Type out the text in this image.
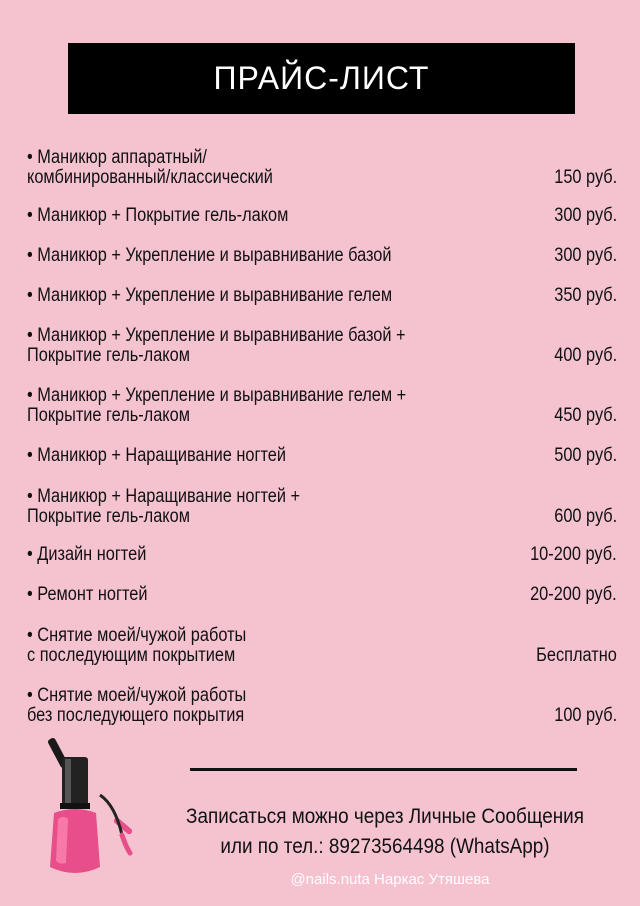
ПРАЙС-ЛИСТ
• Маникюр аппаратный/
комбинированный/классический	150 руб.
• Маникюр + Покрытие гель-лаком	300 руб.
• Маникюр + Укрепление и выравнивание базой	300 руб.
• Маникюр + Укрепление и выравнивание гелем	350 руб.
• Маникюр + Укрепление и выравнивание базой +
Покрытие гель-лаком	400 руб.
• Маникюр + Укрепление и выравнивание гелем +
Покрытие гель-лаком	450 руб.
• Маникюр + Наращивание ногтей	500 руб.
• Маникюр + Наращивание ногтей +
Покрытие гель-лаком	600 руб.
• Дизайн ногтей	10-200 руб.
• Ремонт ногтей	20-200 руб.
• Снятие моей/чужой работы
с последующим покрытием	Бесплатно
• Снятие моей/чужой работы
без последующего покрытия	100 руб.
Записаться можно через Личные Сообщения
или по тел.: 89273564498 (WhatsApp)
@nails.nuta Наркас Утяшева
